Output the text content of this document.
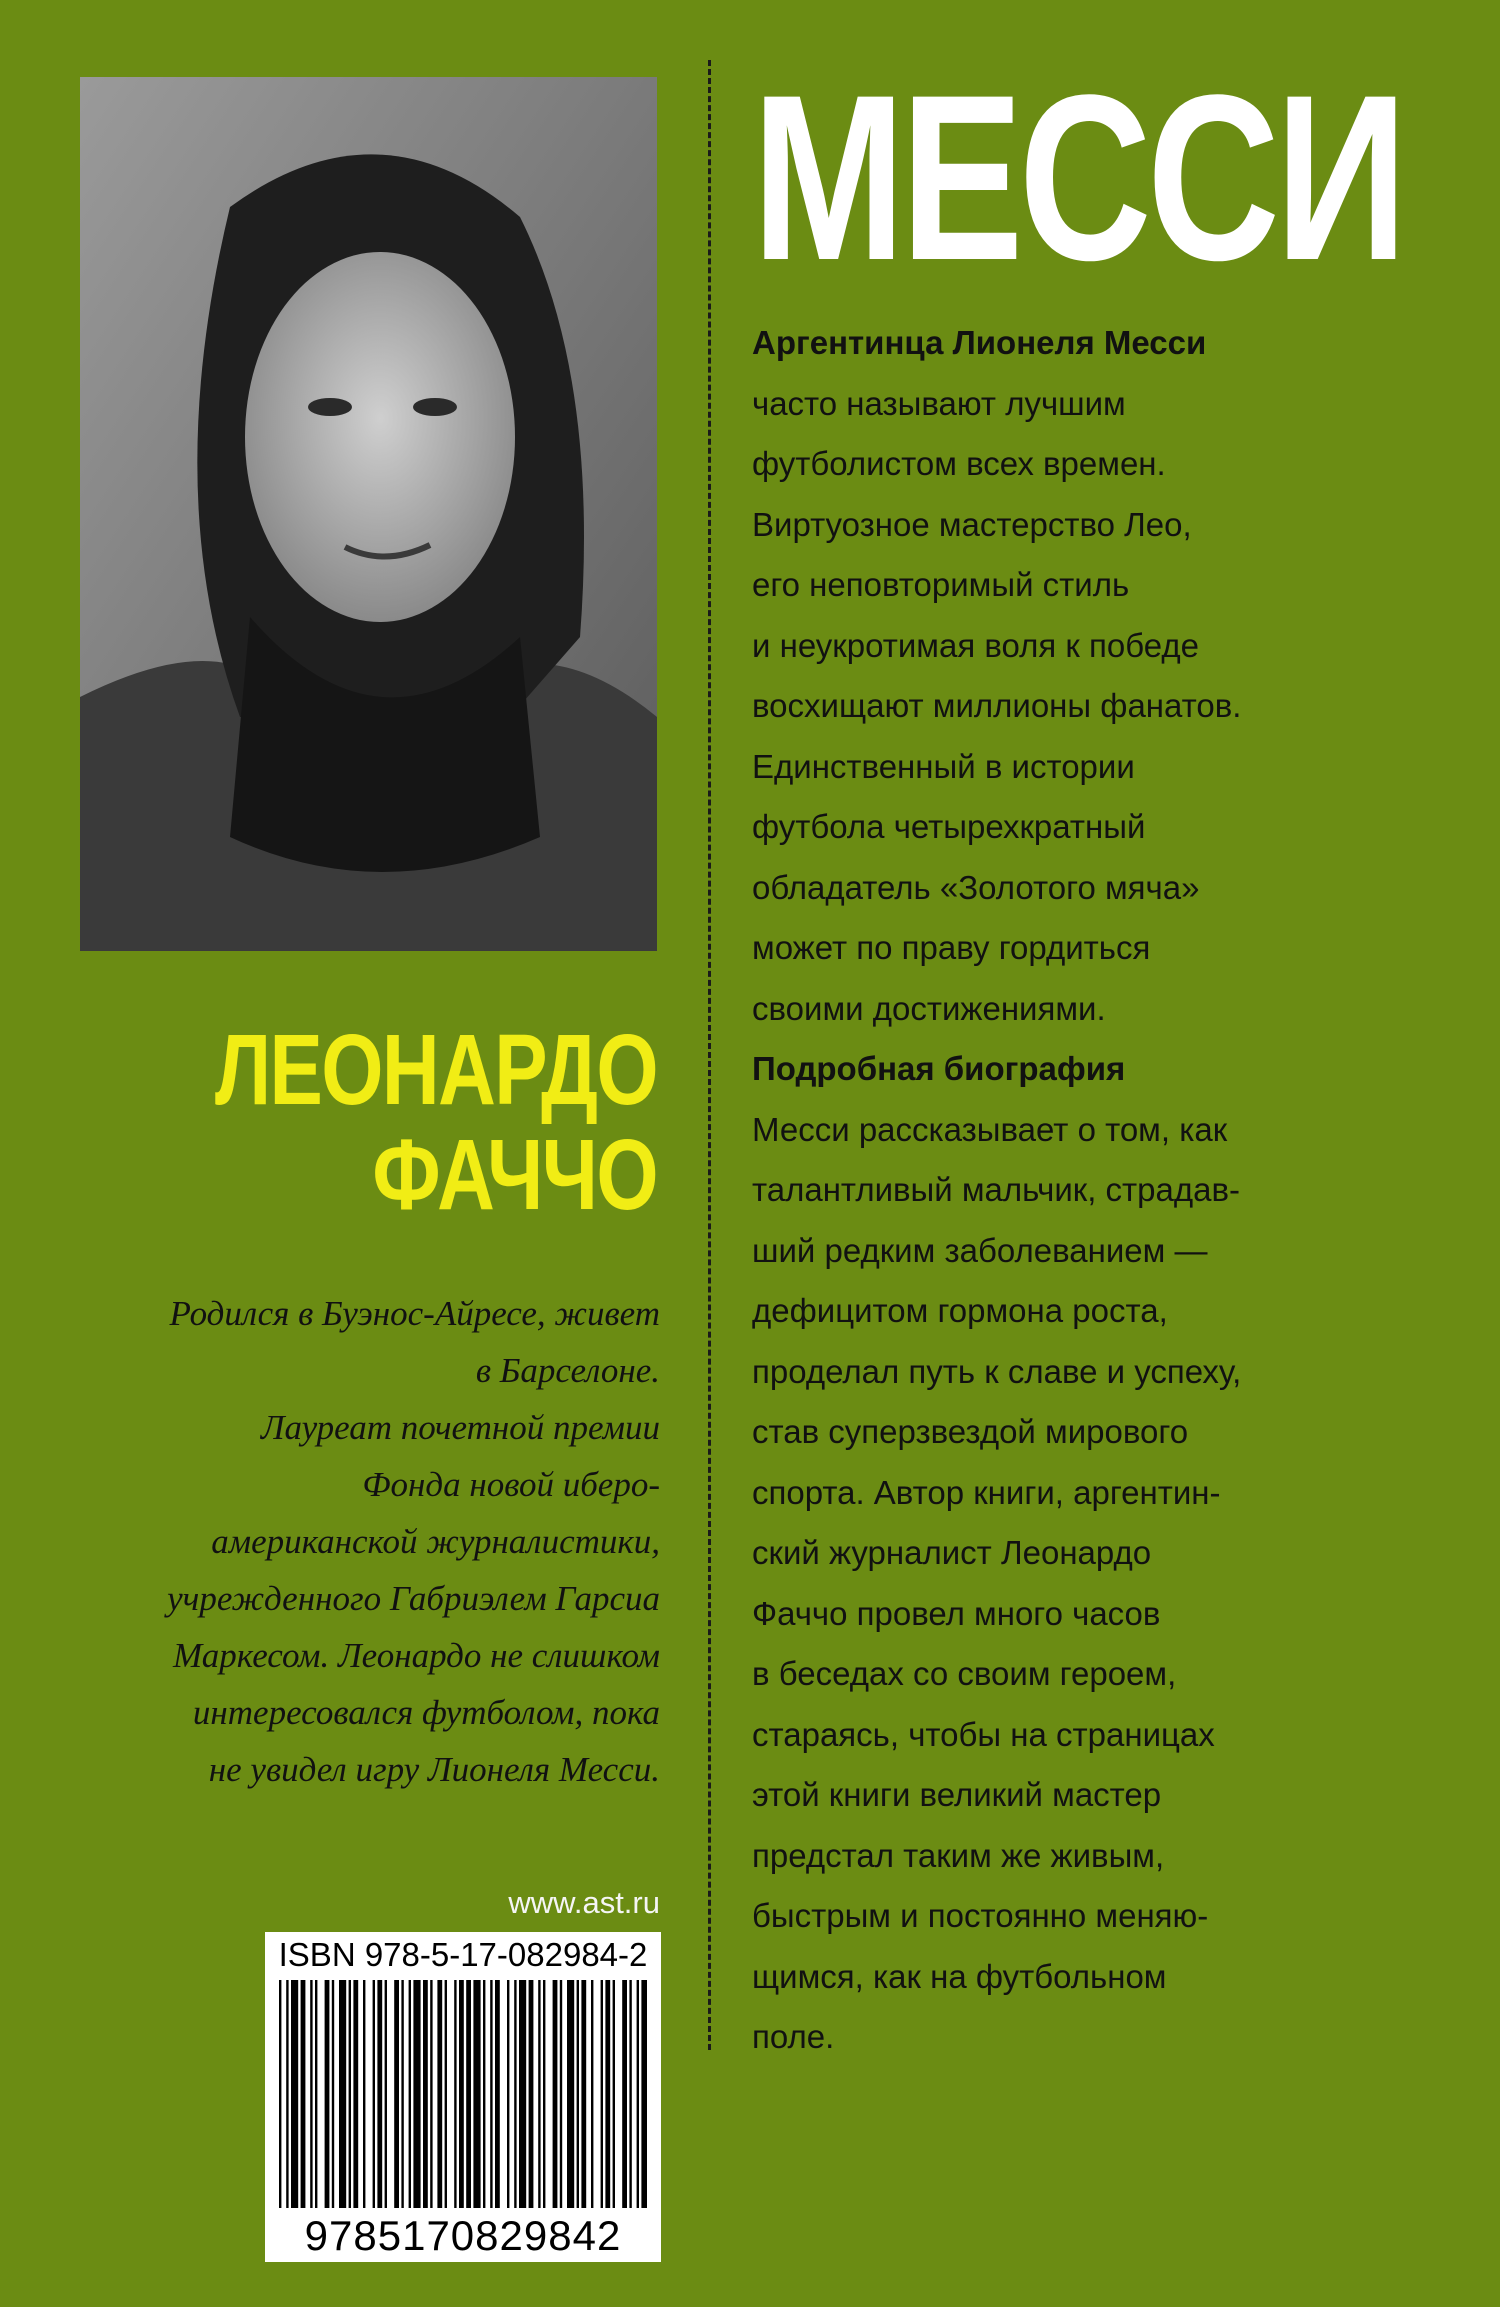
ЛЕОНАРДО
ФАЧЧО
Родился в Буэнос-Айресе, живет
в Барселоне.
Лауреат почетной премии
Фонда новой иберо-
американской журналистики,
учрежденного Габриэлем Гарсиа
Маркесом. Леонардо не слишком
интересовался футболом, пока
не увидел игру Лионеля Месси.
www.ast.ru
ISBN 978-5-17-082984-2
9785170829842
МЕССИ
Аргентинца Лионеля Месси
часто называют лучшим
футболистом всех времен.
Виртуозное мастерство Лео,
его неповторимый стиль
и неукротимая воля к победе
восхищают миллионы фанатов.
Единственный в истории
футбола четырехкратный
обладатель «Золотого мяча»
может по праву гордиться
своими достижениями.
Подробная биография
Месси рассказывает о том, как
талантливый мальчик, страдав-
ший редким заболеванием —
дефицитом гормона роста,
проделал путь к славе и успеху,
став суперзвездой мирового
спорта. Автор книги, аргентин-
ский журналист Леонардо
Фаччо провел много часов
в беседах со своим героем,
стараясь, чтобы на страницах
этой книги великий мастер
предстал таким же живым,
быстрым и постоянно меняю-
щимся, как на футбольном
поле.
